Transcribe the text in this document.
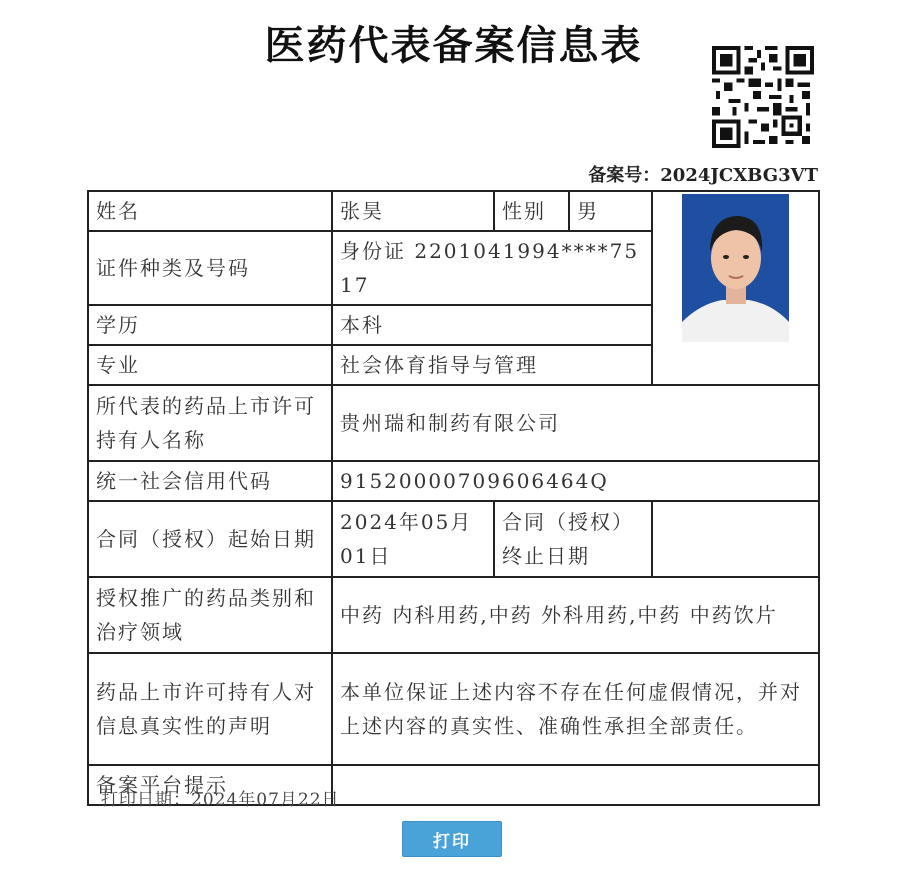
医药代表备案信息表
备案号：2024JCXBG3VT
姓名	张昊	性别	男	

证件种类及号码	身份证 2201041994****7517			
学历	本科			
专业	社会体育指导与管理			
所代表的药品上市许可持有人名称	贵州瑞和制药有限公司			
统一社会信用代码	91520000709606464Q			
合同（授权）起始日期	2024年05月01日	合同（授权）终止日期		
授权推广的药品类别和治疗领域	中药 内科用药,中药 外科用药,中药 中药饮片			
药品上市许可持有人对信息真实性的声明	本单位保证上述内容不存在任何虚假情况，并对上述内容的真实性、准确性承担全部责任。			
备案平台提示				
打印日期：2024年07月22日
打印
